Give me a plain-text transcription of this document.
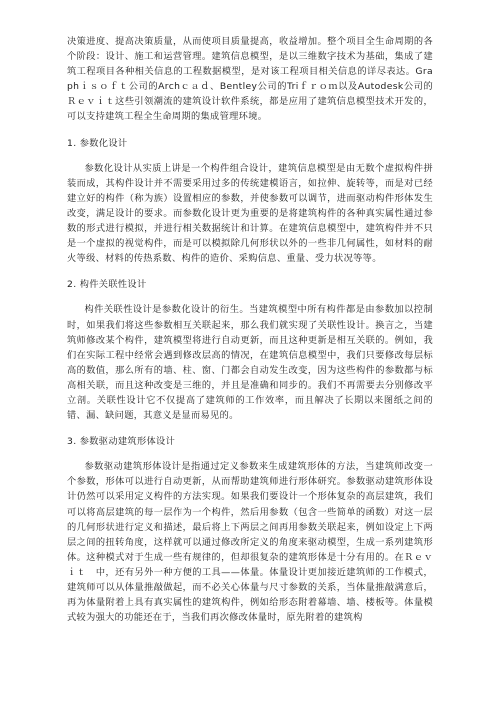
决策进度、提高决策质量，从而使项目质量提高，收益增加。整个项目全生命周期的各个阶段：设计、施工和运营管理。建筑信息模型，是以三维数字技术为基础，集成了建筑工程项目各种相关信息的工程数据模型，是对该工程项目相关信息的详尽表达。Graphｉｓｏｆｔ公司的Archｃａｄ、Bentley公司的Triｆｒｏｍ以及Autodesk公司的Ｒｅｖｉｔ这些引领潮流的建筑设计软件系统，都是应用了建筑信息模型技术开发的，可以支持建筑工程全生命周期的集成管理环境。

1. 参数化设计

参数化设计从实质上讲是一个构件组合设计，建筑信息模型是由无数个虚拟构件拼装而成，其构件设计并不需要采用过多的传统建模语言，如拉伸、旋转等，而是对已经建立好的构件（称为族）设置相应的参数，并使参数可以调节，进而驱动构件形体发生改变，满足设计的要求。而参数化设计更为重要的是将建筑构件的各种真实属性通过参数的形式进行模拟，并进行相关数据统计和计算。在建筑信息模型中，建筑构件并不只是一个虚拟的视觉构件，而是可以模拟除几何形状以外的一些非几何属性，如材料的耐火等级、材料的传热系数、构件的造价、采购信息、重量、受力状况等等。

2. 构件关联性设计

构件关联性设计是参数化设计的衍生。当建筑模型中所有构件都是由参数加以控制时，如果我们将这些参数相互关联起来，那么我们就实现了关联性设计。换言之，当建筑师修改某个构件，建筑模型将进行自动更新，而且这种更新是相互关联的。例如，我们在实际工程中经常会遇到修改层高的情况，在建筑信息模型中，我们只要修改每层标高的数值，那么所有的墙、柱、窗、门都会自动发生改变，因为这些构件的参数都与标高相关联，而且这种改变是三维的，并且是准确和同步的。我们不再需要去分别修改平立剖。关联性设计它不仅提高了建筑师的工作效率，而且解决了长期以来图纸之间的错、漏、缺问题，其意义是显而易见的。

3. 参数驱动建筑形体设计

参数驱动建筑形体设计是指通过定义参数来生成建筑形体的方法，当建筑师改变一个参数，形体可以进行自动更新，从而帮助建筑师进行形体研究。参数驱动建筑形体设计仍然可以采用定义构件的方法实现。如果我们要设计一个形体复杂的高层建筑，我们可以将高层建筑的每一层作为一个构件，然后用参数（包含一些简单的函数）对这一层的几何形状进行定义和描述，最后将上下两层之间再用参数关联起来，例如设定上下两层之间的扭转角度，这样就可以通过修改所定义的角度来驱动模型，生成一系列建筑形体。这种模式对于生成一些有规律的，但却很复杂的建筑形体是十分有用的。在Ｒｅｖｉｔ　中，还有另外一种方便的工具——体量。体量设计更加接近建筑师的工作模式，建筑师可以从体量推敲做起，而不必关心体量与尺寸参数的关系，当体量推敲满意后，再为体量附着上具有真实属性的建筑构件，例如给形态附着幕墙、墙、楼板等。体量模式较为强大的功能还在于，当我们再次修改体量时，原先附着的建筑构
